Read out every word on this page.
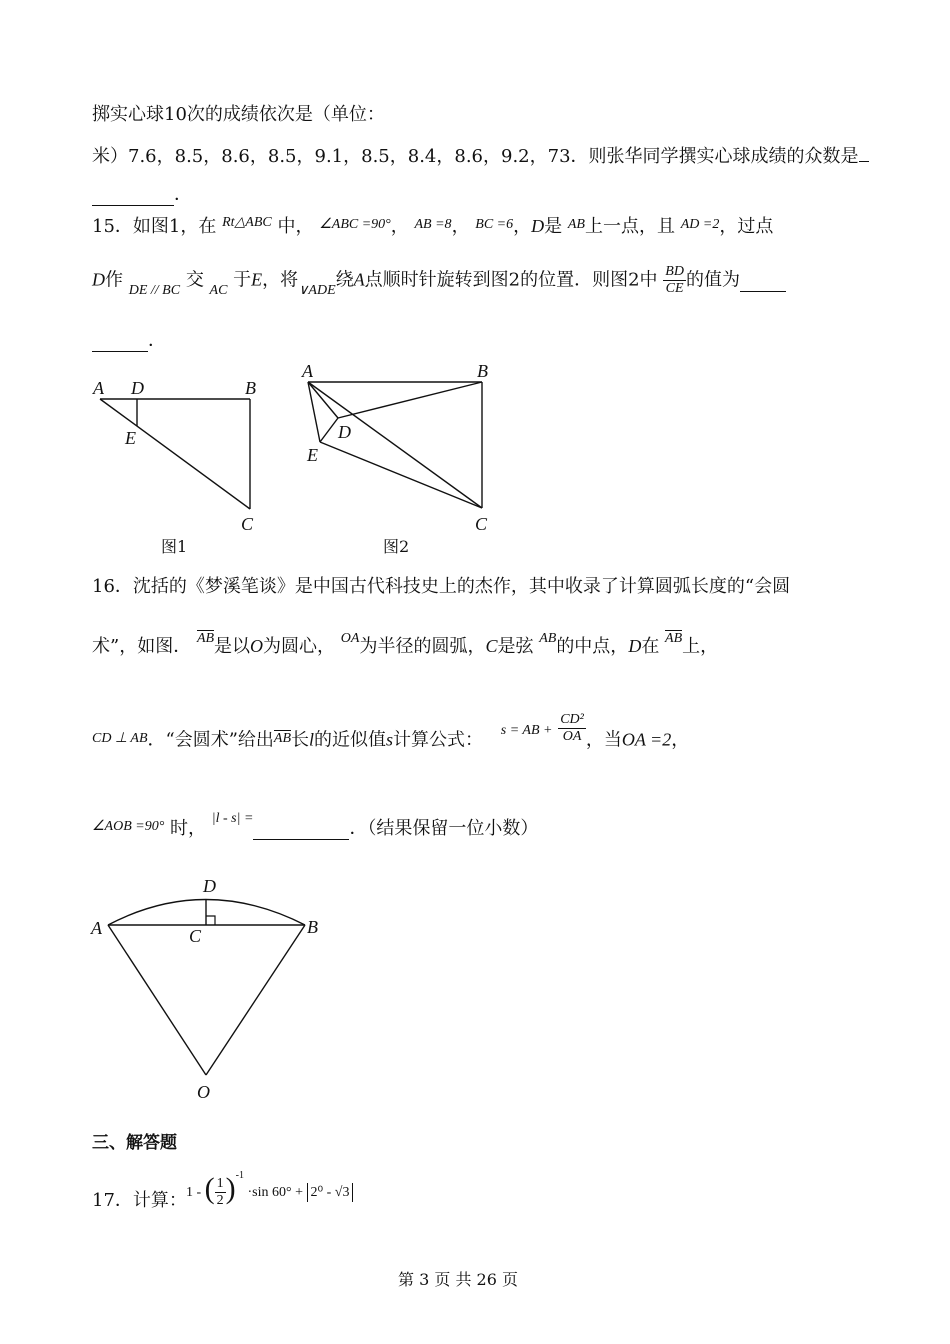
掷实心球10次的成绩依次是（单位：
米）7.6，8.5，8.6，8.5，9.1，8.5，8.4，8.6，9.2，73．则张华同学撰实心球成绩的众数是
．
15．如图1，在 $^{Rt\triangle ABC}$ 中， $^{\angle ABC =90^\circ}$， $^{AB =8}$， $^{BC =6}$，D是 $^{AB}$上一点，且 $^{AD =2}$，过点
D作 $_{DE // BC}$ 交 $_{AC}$ 于E，将$_{\vee ADE}$绕A点顺时针旋转到图2的位置．则图2中 $\frac{BD}{CE}$ 的值为
．
A D	B
E
C
图1
A	B
D
E
C
图2
16．沈括的《梦溪笔谈》是中国古代科技史上的杰作，其中收录了计算圆弧长度的“会圆
术”，如图． $^{AB}$是以O为圆心， $^{OA}$为半径的圆弧，C是弦 $^{AB}$的中点，D在 $^{AB}$上，
$^{CD \perp AB}$．“会圆术”给出$^{AB}$长l的近似值s计算公式： $^{s = AB +} \frac{\text{CD²}}{OA}$ ，当OA =2，
$^{\angle AOB =90^\circ}$ 时， $^{|l - s| =}$	．（结果保留一位小数）
D
A	C	B
O
三、解答题
17．计算： 1 - ( $\frac{1}{2} )^{-1} \cdot\sin$ 60° + 2⁰ - √3
第 3 页 共 26 页
